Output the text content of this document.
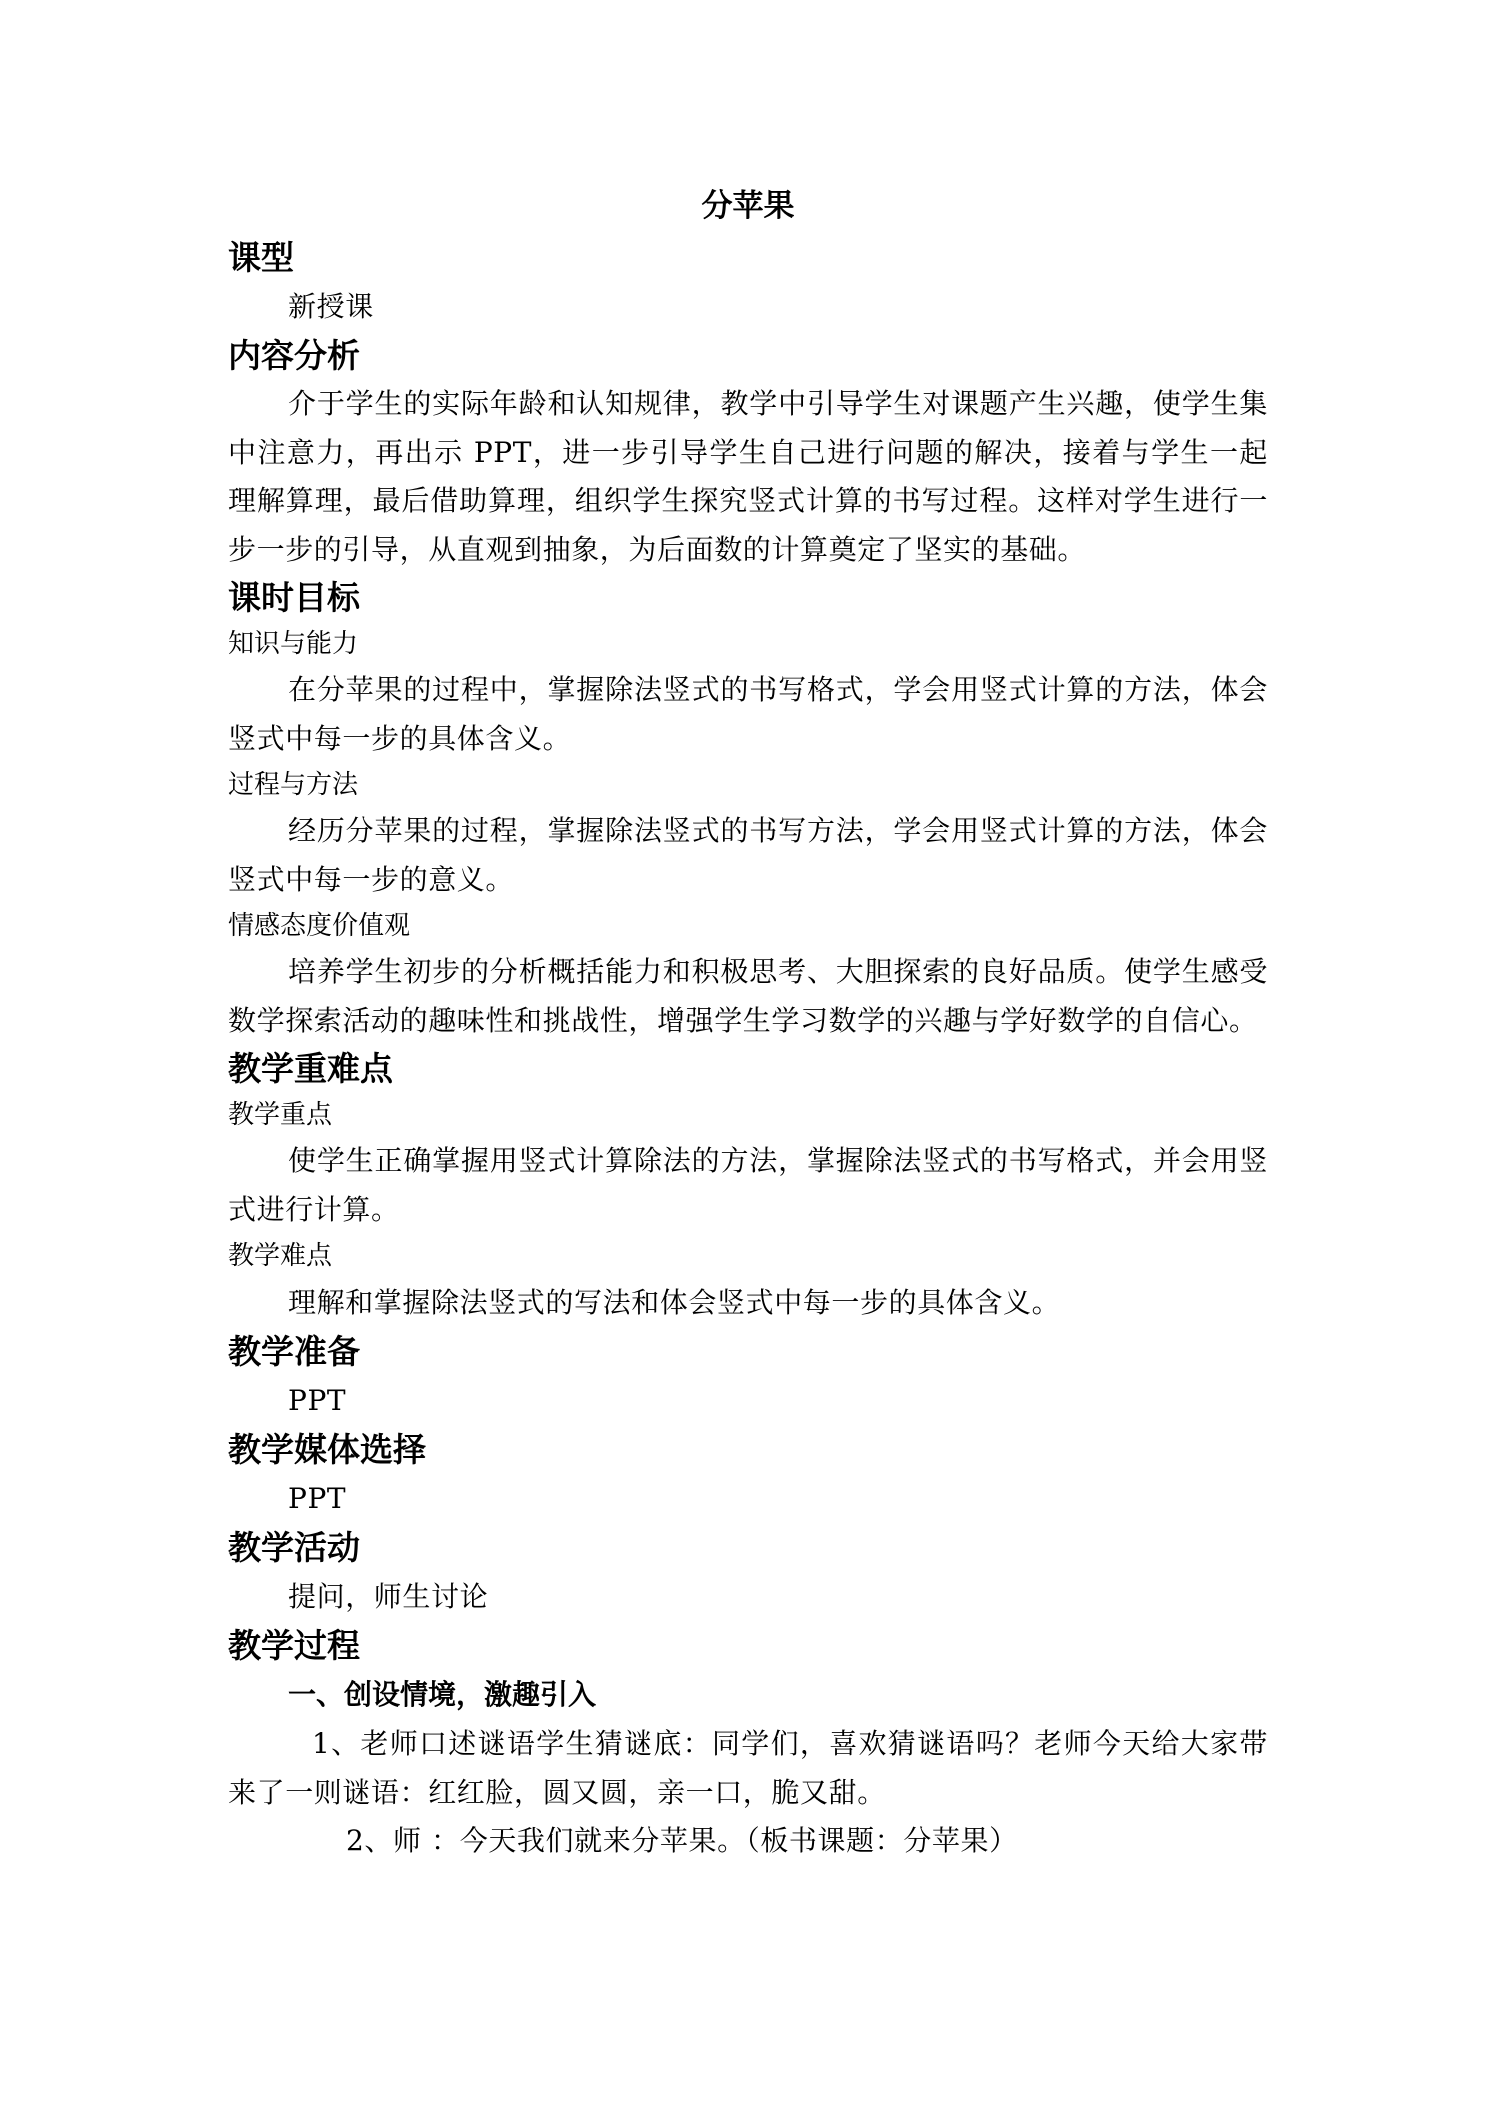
分苹果
课型
新授课
内容分析
介于学生的实际年龄和认知规律，教学中引导学生对课题产生兴趣，使学生集中注意力，再出示 PPT，进一步引导学生自己进行问题的解决，接着与学生一起理解算理，最后借助算理，组织学生探究竖式计算的书写过程。这样对学生进行一步一步的引导，从直观到抽象，为后面数的计算奠定了坚实的基础。
课时目标
知识与能力
在分苹果的过程中，掌握除法竖式的书写格式，学会用竖式计算的方法，体会竖式中每一步的具体含义。
过程与方法
经历分苹果的过程，掌握除法竖式的书写方法，学会用竖式计算的方法，体会竖式中每一步的意义。
情感态度价值观
培养学生初步的分析概括能力和积极思考、大胆探索的良好品质。使学生感受数学探索活动的趣味性和挑战性，增强学生学习数学的兴趣与学好数学的自信心。
教学重难点
教学重点
使学生正确掌握用竖式计算除法的方法，掌握除法竖式的书写格式，并会用竖式进行计算。
教学难点
理解和掌握除法竖式的写法和体会竖式中每一步的具体含义。
教学准备
PPT
教学媒体选择
PPT
教学活动
提问，师生讨论
教学过程
一、创设情境，激趣引入
1、老师口述谜语学生猜谜底：同学们，喜欢猜谜语吗？老师今天给大家带来了一则谜语：红红脸，圆又圆，亲一口，脆又甜。
2、师 ：今天我们就来分苹果。（板书课题：分苹果）
